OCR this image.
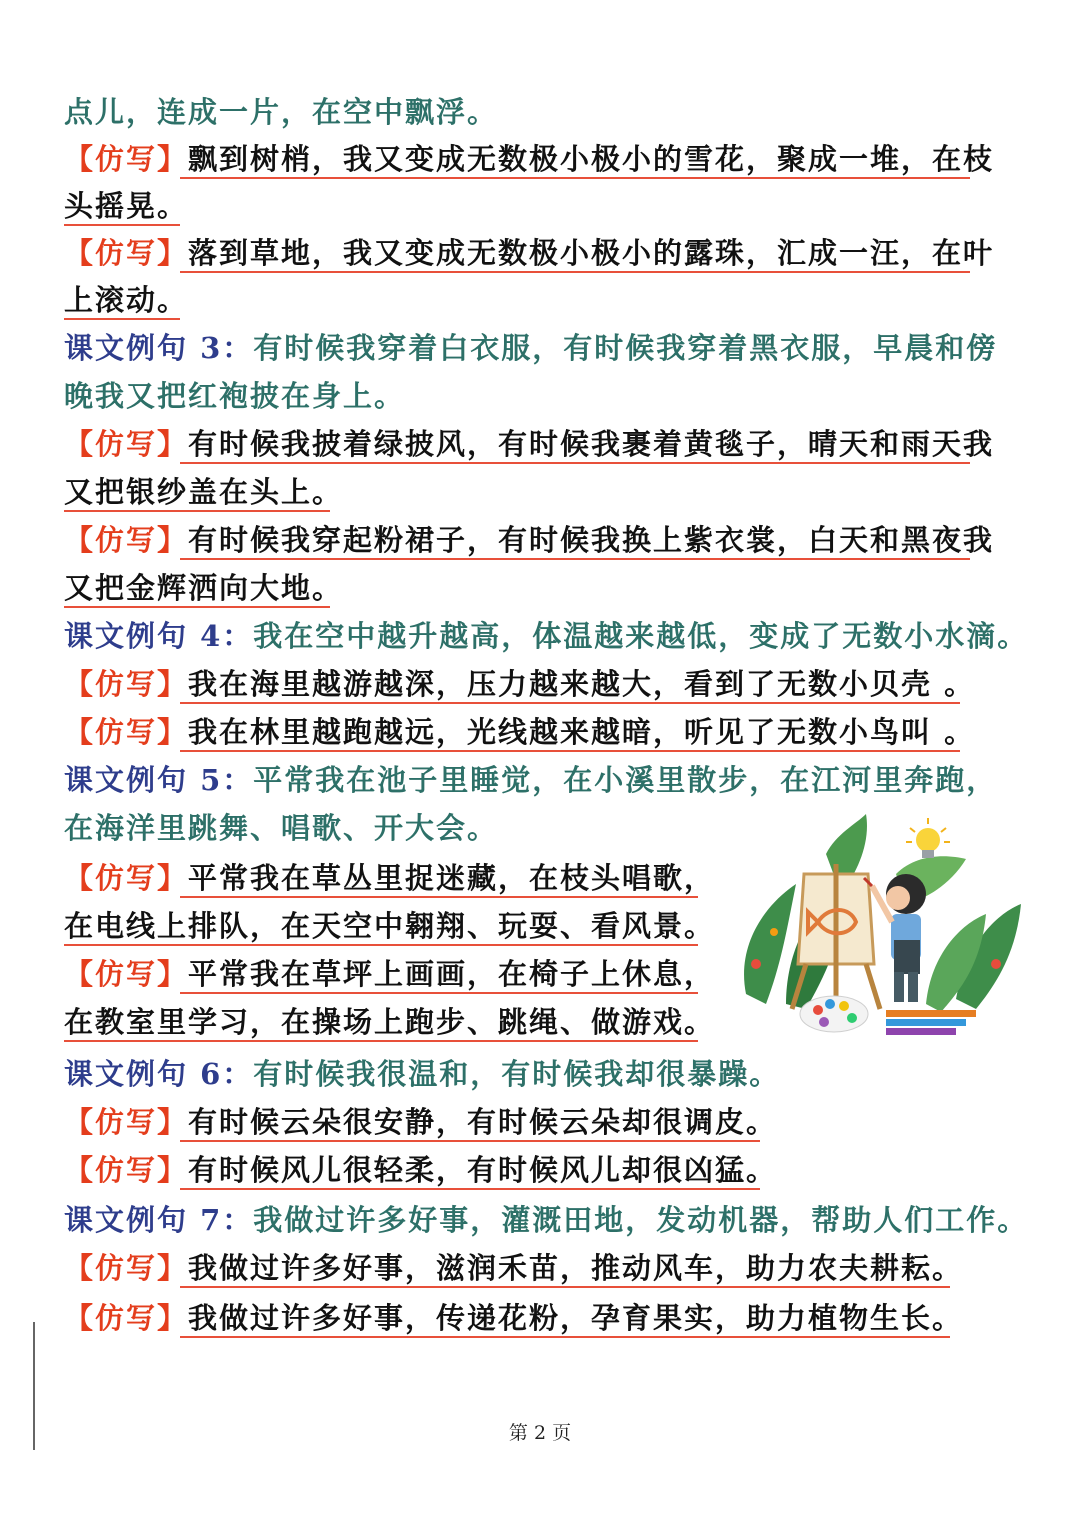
点儿，连成一片，在空中飘浮。
【仿写】飘到树梢，我又变成无数极小极小的雪花，聚成一堆，在枝
头摇晃。
【仿写】落到草地，我又变成无数极小极小的露珠，汇成一汪，在叶
上滚动。
课文例句 3：有时候我穿着白衣服，有时候我穿着黑衣服，早晨和傍
晚我又把红袍披在身上。
【仿写】有时候我披着绿披风，有时候我裹着黄毯子，晴天和雨天我
又把银纱盖在头上。
【仿写】有时候我穿起粉裙子，有时候我换上紫衣裳，白天和黑夜我
又把金辉洒向大地。
课文例句 4：我在空中越升越高，体温越来越低，变成了无数小水滴。
【仿写】我在海里越游越深，压力越来越大，看到了无数小贝壳 。
【仿写】我在林里越跑越远，光线越来越暗，听见了无数小鸟叫 。
课文例句 5：平常我在池子里睡觉，在小溪里散步，在江河里奔跑，
在海洋里跳舞、唱歌、开大会。
【仿写】平常我在草丛里捉迷藏，在枝头唱歌，
在电线上排队，在天空中翱翔、玩耍、看风景。
【仿写】平常我在草坪上画画，在椅子上休息，
在教室里学习，在操场上跑步、跳绳、做游戏。
课文例句 6：有时候我很温和，有时候我却很暴躁。
【仿写】有时候云朵很安静，有时候云朵却很调皮。
【仿写】有时候风儿很轻柔，有时候风儿却很凶猛。
课文例句 7：我做过许多好事，灌溉田地，发动机器，帮助人们工作。
【仿写】我做过许多好事，滋润禾苗，推动风车，助力农夫耕耘。
【仿写】我做过许多好事，传递花粉，孕育果实，助力植物生长。
第 2 页
